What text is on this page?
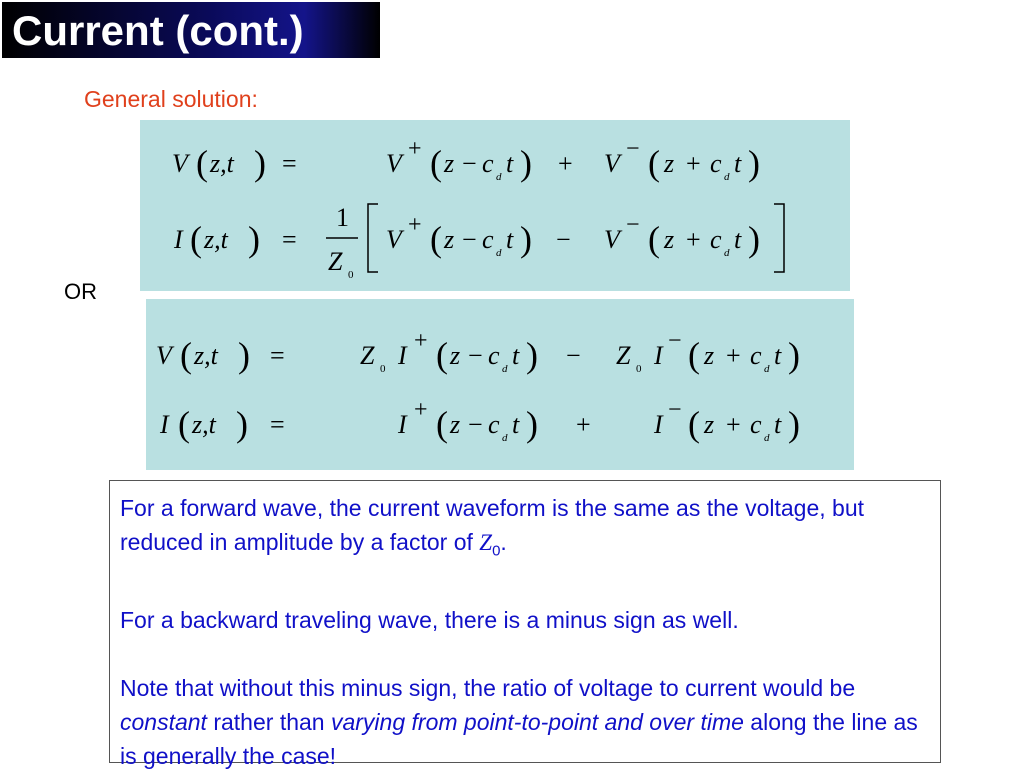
Current (cont.)
General solution:
OR
V ( z,t ) =	V + ( z − c d t ) + V − ( z + c d t )
I ( z,t ) =
1
Z 0
V + ( z − c d t ) − V − ( z + c d t )
V ( z,t ) =	Z 0 I + ( z − c d t ) − Z 0 I − ( z + c d t )
I ( z,t ) =	I + ( z − c d t ) + I − ( z + c d t )

For a forward wave, the current waveform is the same as the voltage, but reduced in amplitude by a factor of $Z_0$.

For a backward traveling wave, there is a minus sign as well.

Note that without this minus sign, the ratio of voltage to current would be constant rather than varying from point-to-point and over time along the line as is generally the case!
